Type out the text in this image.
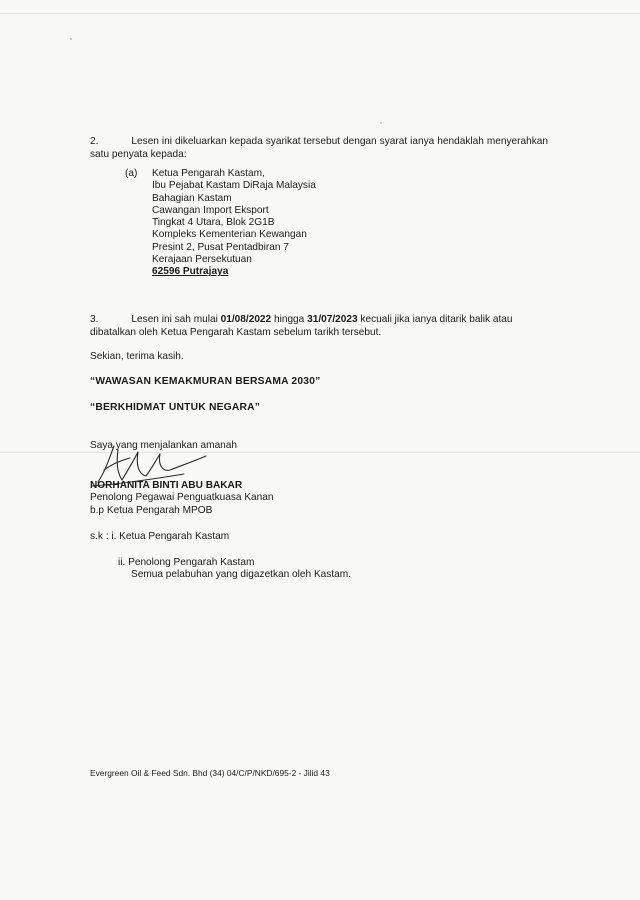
2.	Lesen ini dikeluarkan kepada syarikat tersebut dengan syarat ianya hendaklah menyerahkan satu penyata kepada:
(a) Ketua Pengarah Kastam,
Ibu Pejabat Kastam DiRaja Malaysia
Bahagian Kastam
Cawangan Import Eksport
Tingkat 4 Utara, Blok 2G1B
Kompleks Kementerian Kewangan
Presint 2, Pusat Pentadbiran 7
Kerajaan Persekutuan
62596 Putrajaya
3.	Lesen ini sah mulai 01/08/2022 hingga 31/07/2023 kecuali jika ianya ditarik balik atau dibatalkan oleh Ketua Pengarah Kastam sebelum tarikh tersebut.
Sekian, terima kasih.
“WAWASAN KEMAKMURAN BERSAMA 2030”
“BERKHIDMAT UNTUK NEGARA”
Saya yang menjalankan amanah
NORHANITA BINTI ABU BAKAR
Penolong Pegawai Penguatkuasa Kanan
b.p Ketua Pengarah MPOB
s.k : i. Ketua Pengarah Kastam
ii. Penolong Pengarah Kastam
Semua pelabuhan yang digazetkan oleh Kastam.
Evergreen Oil & Feed Sdn. Bhd (34) 04/C/P/NKD/695-2 - Jilid 43
